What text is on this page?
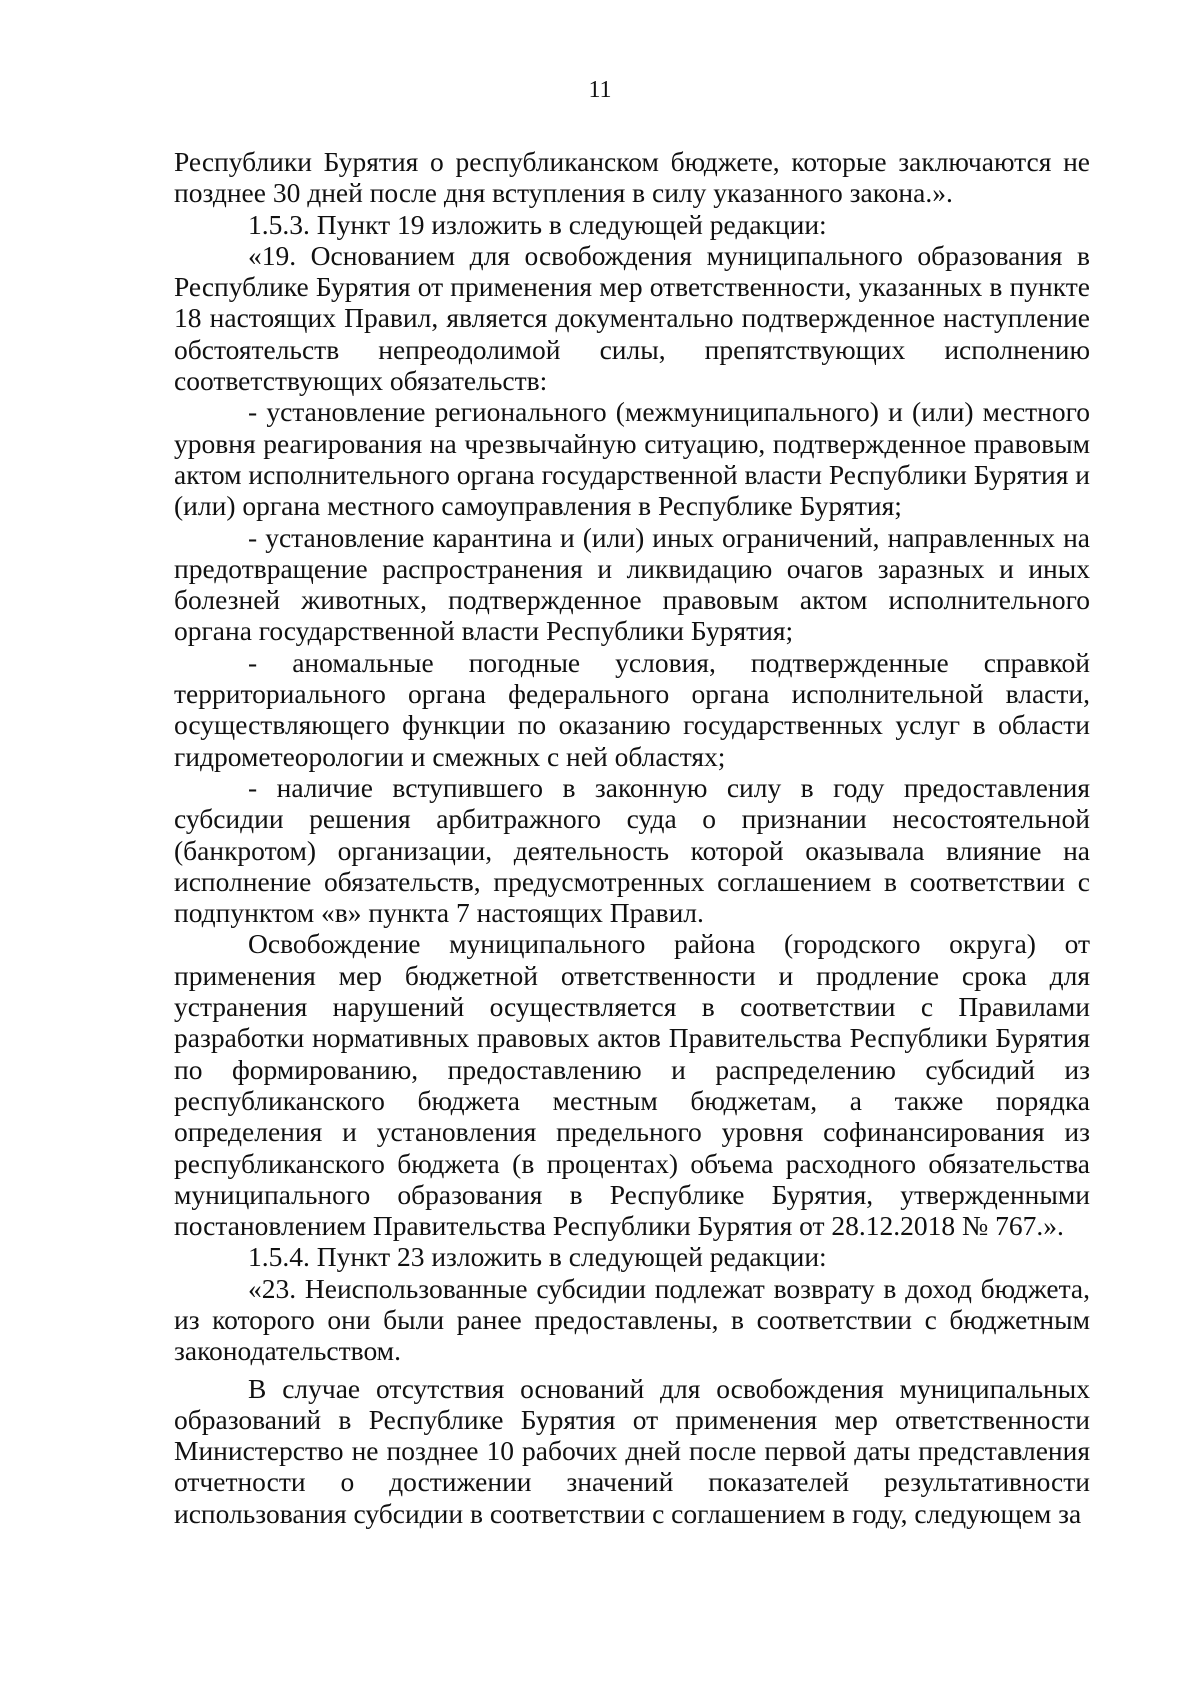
11

Республики Бурятия о республиканском бюджете, которые заключаются не позднее 30 дней после дня вступления в силу указанного закона.».

1.5.3. Пункт 19 изложить в следующей редакции:

«19. Основанием для освобождения муниципального образования в Республике Бурятия от применения мер ответственности, указанных в пункте 18 настоящих Правил, является документально подтвержденное наступление обстоятельств непреодолимой силы, препятствующих исполнению соответствующих обязательств:

- установление регионального (межмуниципального) и (или) местного уровня реагирования на чрезвычайную ситуацию, подтвержденное правовым актом исполнительного органа государственной власти Республики Бурятия и (или) органа местного самоуправления в Республике Бурятия;

- установление карантина и (или) иных ограничений, направленных на предотвращение распространения и ликвидацию очагов заразных и иных болезней животных, подтвержденное правовым актом исполнительного органа государственной власти Республики Бурятия;

- аномальные погодные условия, подтвержденные справкой территориального органа федерального органа исполнительной власти, осуществляющего функции по оказанию государственных услуг в области гидрометеорологии и смежных с ней областях;

- наличие вступившего в законную силу в году предоставления субсидии решения арбитражного суда о признании несостоятельной (банкротом) организации, деятельность которой оказывала влияние на исполнение обязательств, предусмотренных соглашением в соответствии с подпунктом «в» пункта 7 настоящих Правил.

Освобождение муниципального района (городского округа) от применения мер бюджетной ответственности и продление срока для устранения нарушений осуществляется в соответствии с Правилами разработки нормативных правовых актов Правительства Республики Бурятия по формированию, предоставлению и распределению субсидий из республиканского бюджета местным бюджетам, а также порядка определения и установления предельного уровня софинансирования из республиканского бюджета (в процентах) объема расходного обязательства муниципального образования в Республике Бурятия, утвержденными постановлением Правительства Республики Бурятия от 28.12.2018 № 767.».

1.5.4. Пункт 23 изложить в следующей редакции:

«23. Неиспользованные субсидии подлежат возврату в доход бюджета, из которого они были ранее предоставлены, в соответствии с бюджетным законодательством.

В случае отсутствия оснований для освобождения муниципальных образований в Республике Бурятия от применения мер ответственности Министерство не позднее 10 рабочих дней после первой даты представления отчетности о достижении значений показателей результативности использования субсидии в соответствии с соглашением в году, следующем за
